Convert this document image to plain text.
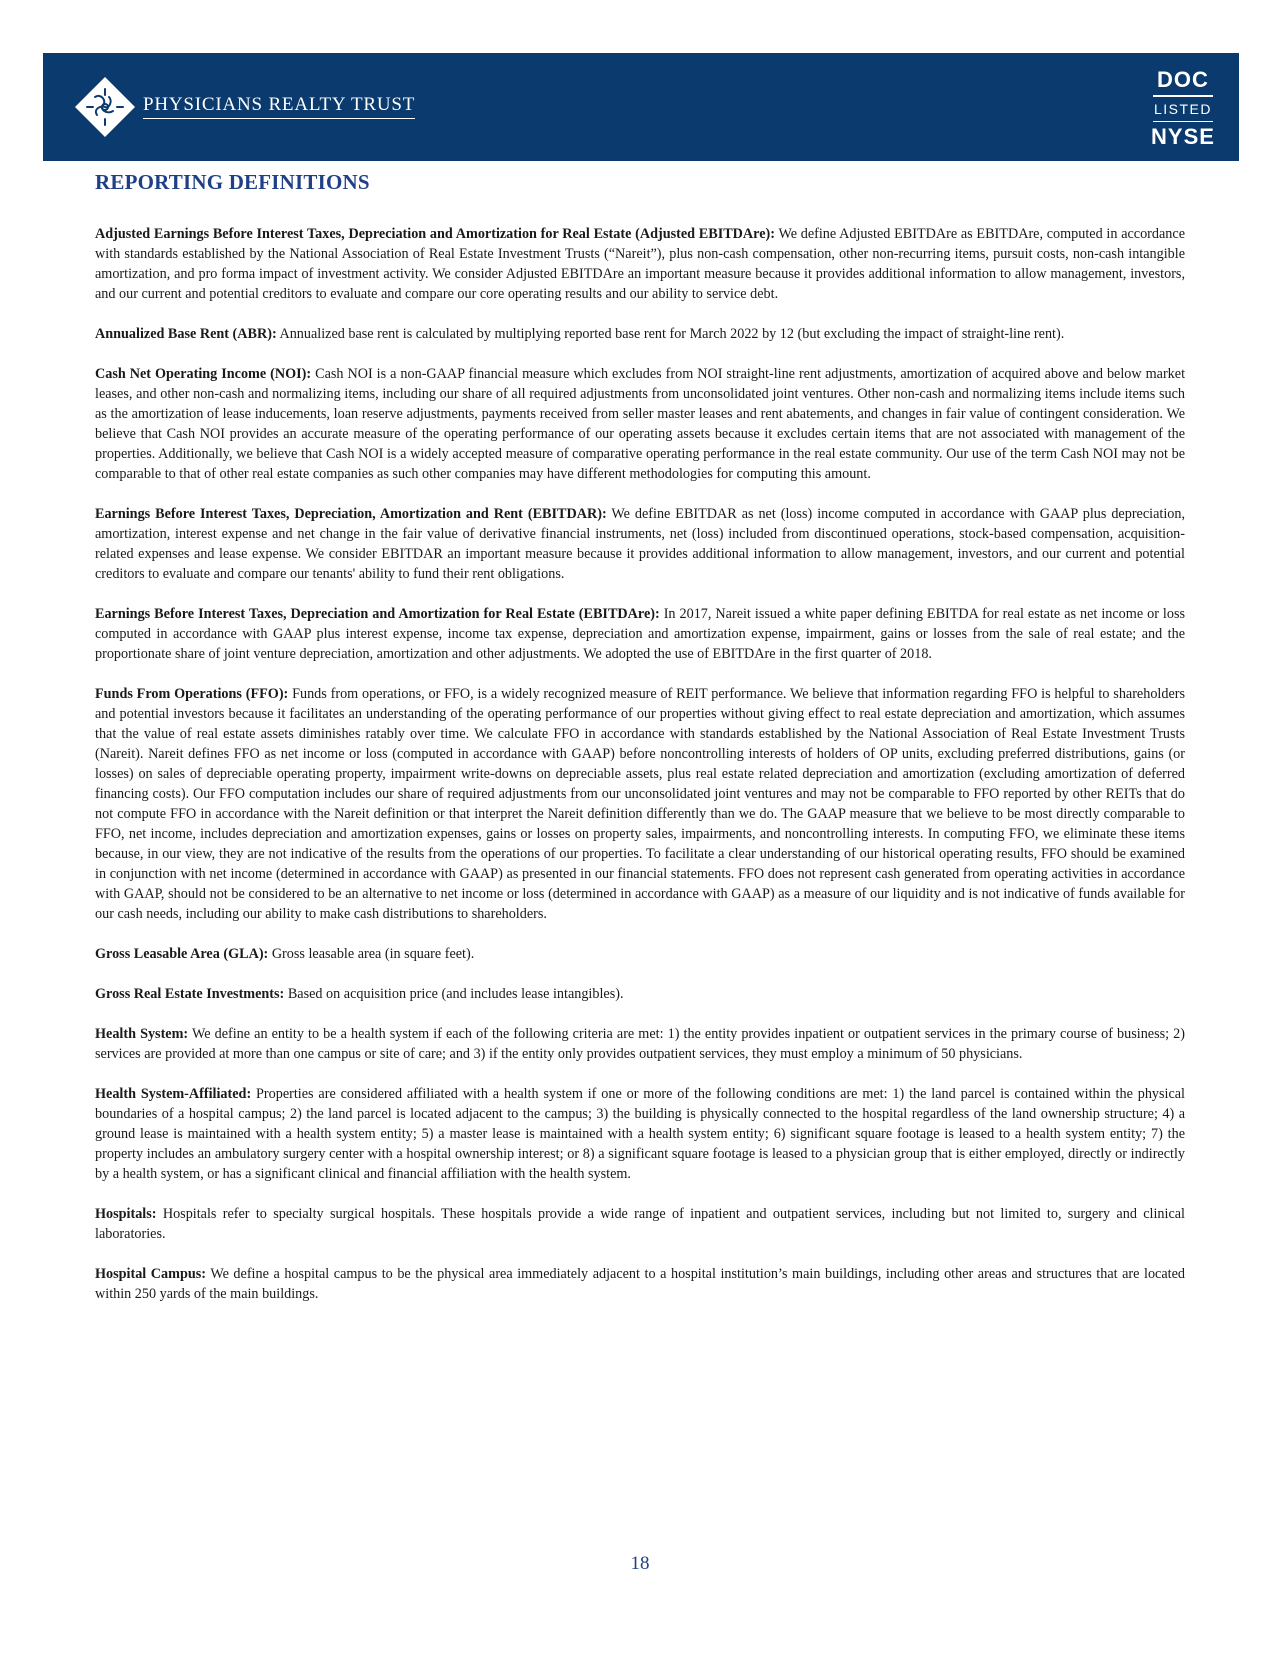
PHYSICIANS REALTY TRUST
DOC
LISTED
NYSE
REPORTING DEFINITIONS

Adjusted Earnings Before Interest Taxes, Depreciation and Amortization for Real Estate (Adjusted EBITDAre): We define Adjusted EBITDAre as EBITDAre, computed in accordance with standards established by the National Association of Real Estate Investment Trusts (“Nareit”), plus non-cash compensation, other non-recurring items, pursuit costs, non-cash intangible amortization, and pro forma impact of investment activity. We consider Adjusted EBITDAre an important measure because it provides additional information to allow management, investors, and our current and potential creditors to evaluate and compare our core operating results and our ability to service debt.

Annualized Base Rent (ABR): Annualized base rent is calculated by multiplying reported base rent for March 2022 by 12 (but excluding the impact of straight-line rent).

Cash Net Operating Income (NOI): Cash NOI is a non-GAAP financial measure which excludes from NOI straight-line rent adjustments, amortization of acquired above and below market leases, and other non-cash and normalizing items, including our share of all required adjustments from unconsolidated joint ventures. Other non-cash and normalizing items include items such as the amortization of lease inducements, loan reserve adjustments, payments received from seller master leases and rent abatements, and changes in fair value of contingent consideration. We believe that Cash NOI provides an accurate measure of the operating performance of our operating assets because it excludes certain items that are not associated with management of the properties. Additionally, we believe that Cash NOI is a widely accepted measure of comparative operating performance in the real estate community. Our use of the term Cash NOI may not be comparable to that of other real estate companies as such other companies may have different methodologies for computing this amount.

Earnings Before Interest Taxes, Depreciation, Amortization and Rent (EBITDAR): We define EBITDAR as net (loss) income computed in accordance with GAAP plus depreciation, amortization, interest expense and net change in the fair value of derivative financial instruments, net (loss) included from discontinued operations, stock-based compensation, acquisition-related expenses and lease expense. We consider EBITDAR an important measure because it provides additional information to allow management, investors, and our current and potential creditors to evaluate and compare our tenants' ability to fund their rent obligations.

Earnings Before Interest Taxes, Depreciation and Amortization for Real Estate (EBITDAre): In 2017, Nareit issued a white paper defining EBITDA for real estate as net income or loss computed in accordance with GAAP plus interest expense, income tax expense, depreciation and amortization expense, impairment, gains or losses from the sale of real estate; and the proportionate share of joint venture depreciation, amortization and other adjustments. We adopted the use of EBITDAre in the first quarter of 2018.

Funds From Operations (FFO): Funds from operations, or FFO, is a widely recognized measure of REIT performance. We believe that information regarding FFO is helpful to shareholders and potential investors because it facilitates an understanding of the operating performance of our properties without giving effect to real estate depreciation and amortization, which assumes that the value of real estate assets diminishes ratably over time. We calculate FFO in accordance with standards established by the National Association of Real Estate Investment Trusts (Nareit). Nareit defines FFO as net income or loss (computed in accordance with GAAP) before noncontrolling interests of holders of OP units, excluding preferred distributions, gains (or losses) on sales of depreciable operating property, impairment write-downs on depreciable assets, plus real estate related depreciation and amortization (excluding amortization of deferred financing costs). Our FFO computation includes our share of required adjustments from our unconsolidated joint ventures and may not be comparable to FFO reported by other REITs that do not compute FFO in accordance with the Nareit definition or that interpret the Nareit definition differently than we do. The GAAP measure that we believe to be most directly comparable to FFO, net income, includes depreciation and amortization expenses, gains or losses on property sales, impairments, and noncontrolling interests. In computing FFO, we eliminate these items because, in our view, they are not indicative of the results from the operations of our properties. To facilitate a clear understanding of our historical operating results, FFO should be examined in conjunction with net income (determined in accordance with GAAP) as presented in our financial statements. FFO does not represent cash generated from operating activities in accordance with GAAP, should not be considered to be an alternative to net income or loss (determined in accordance with GAAP) as a measure of our liquidity and is not indicative of funds available for our cash needs, including our ability to make cash distributions to shareholders.

Gross Leasable Area (GLA): Gross leasable area (in square feet).

Gross Real Estate Investments: Based on acquisition price (and includes lease intangibles).

Health System: We define an entity to be a health system if each of the following criteria are met: 1) the entity provides inpatient or outpatient services in the primary course of business; 2) services are provided at more than one campus or site of care; and 3) if the entity only provides outpatient services, they must employ a minimum of 50 physicians.

Health System-Affiliated: Properties are considered affiliated with a health system if one or more of the following conditions are met: 1) the land parcel is contained within the physical boundaries of a hospital campus; 2) the land parcel is located adjacent to the campus; 3) the building is physically connected to the hospital regardless of the land ownership structure; 4) a ground lease is maintained with a health system entity; 5) a master lease is maintained with a health system entity; 6) significant square footage is leased to a health system entity; 7) the property includes an ambulatory surgery center with a hospital ownership interest; or 8) a significant square footage is leased to a physician group that is either employed, directly or indirectly by a health system, or has a significant clinical and financial affiliation with the health system.

Hospitals: Hospitals refer to specialty surgical hospitals. These hospitals provide a wide range of inpatient and outpatient services, including but not limited to, surgery and clinical laboratories.

Hospital Campus: We define a hospital campus to be the physical area immediately adjacent to a hospital institution’s main buildings, including other areas and structures that are located within 250 yards of the main buildings.

18
